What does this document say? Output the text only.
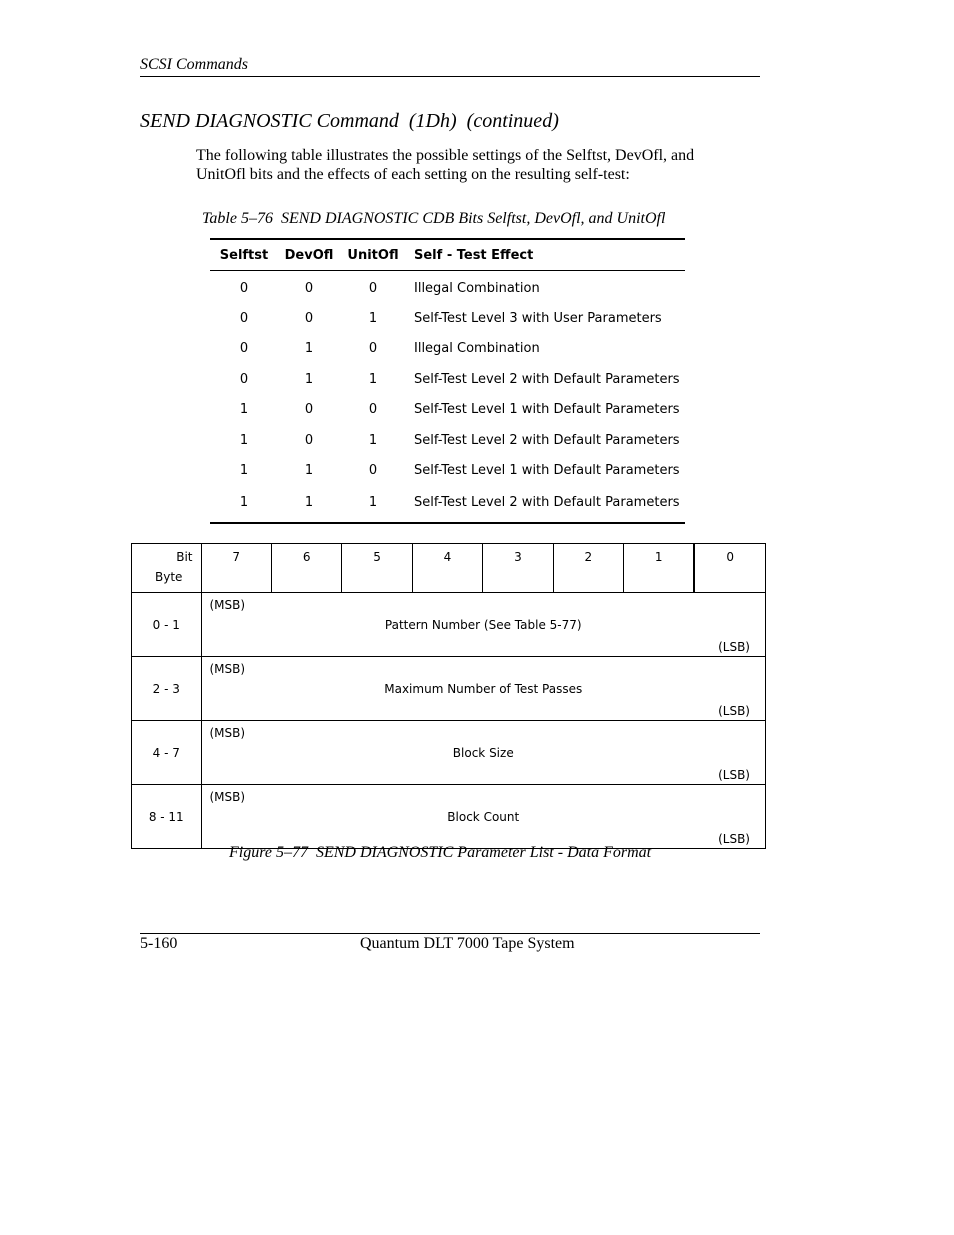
SCSI Commands
SEND DIAGNOSTIC Command  (1Dh)  (continued)
The following table illustrates the possible settings of the Selftst, DevOfl, and
UnitOfl bits and the effects of each setting on the resulting self-test:
Table 5–76  SEND DIAGNOSTIC CDB Bits Selftst, DevOfl, and UnitOfl
Selftst	DevOfl	UnitOfl	Self - Test Effect
0	0	0	Illegal Combination
0	0	1	Self-Test Level 3 with User Parameters
0	1	0	Illegal Combination
0	1	1	Self-Test Level 2 with Default Parameters
1	0	0	Self-Test Level 1 with Default Parameters
1	0	1	Self-Test Level 2 with Default Parameters
1	1	0	Self-Test Level 1 with Default Parameters
1	1	1	Self-Test Level 2 with Default Parameters
Bit
Byte	7	6	5	4	3	2	1	0
0 - 1	(MSB)
Pattern Number (See Table 5-77)
(LSB)							

2 - 3	(MSB)
Maximum Number of Test Passes
(LSB)							

4 - 7	(MSB)
Block Size
(LSB)							

8 - 11	(MSB)
Block Count
(LSB)							
Figure 5–77  SEND DIAGNOSTIC Parameter List - Data Format
5-160	Quantum DLT 7000 Tape System
